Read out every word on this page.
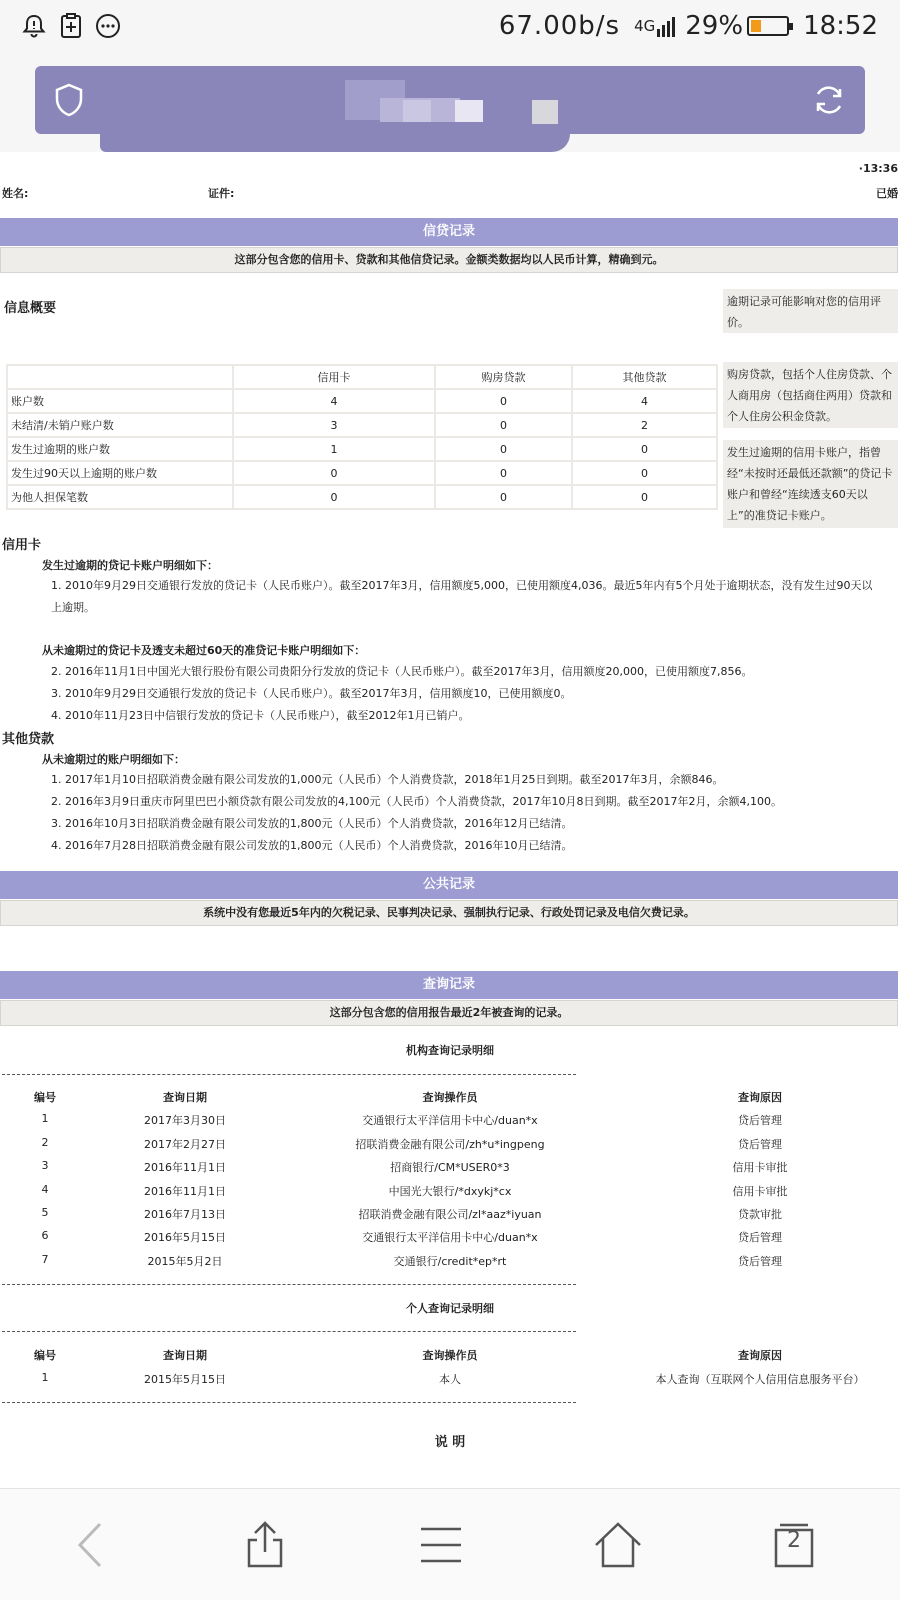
67.00b/s 4G 29% 18:52
·13:36
姓名:	证件:	已婚
信贷记录
这部分包含您的信用卡、贷款和其他信贷记录。金额类数据均以人民币计算，精确到元。
信息概要	逾期记录可能影响对您的信用评价。
购房贷款，包括个人住房贷款、个人商用房（包括商住两用）贷款和个人住房公积金贷款。
发生过逾期的信用卡账户，指曾经“未按时还最低还款额”的贷记卡账户和曾经“连续透支60天以上”的准贷记卡账户。
	信用卡	购房贷款	其他贷款
账户数	4	0	4
未结清/未销户账户数	3	0	2
发生过逾期的账户数	1	0	0
发生过90天以上逾期的账户数	0	0	0
为他人担保笔数	0	0	0
信用卡
发生过逾期的贷记卡账户明细如下：
1. 2010年9月29日交通银行发放的贷记卡（人民币账户）。截至2017年3月，信用额度5,000，已使用额度4,036。最近5年内有5个月处于逾期状态，没有发生过90天以上逾期。
从未逾期过的贷记卡及透支未超过60天的准贷记卡账户明细如下：
2. 2016年11月1日中国光大银行股份有限公司贵阳分行发放的贷记卡（人民币账户）。截至2017年3月，信用额度20,000，已使用额度7,856。
3. 2010年9月29日交通银行发放的贷记卡（人民币账户）。截至2017年3月，信用额度10，已使用额度0。
4. 2010年11月23日中信银行发放的贷记卡（人民币账户），截至2012年1月已销户。
其他贷款
从未逾期过的账户明细如下：
1. 2017年1月10日招联消费金融有限公司发放的1,000元（人民币）个人消费贷款，2018年1月25日到期。截至2017年3月，余额846。
2. 2016年3月9日重庆市阿里巴巴小额贷款有限公司发放的4,100元（人民币）个人消费贷款，2017年10月8日到期。截至2017年2月，余额4,100。
3. 2016年10月3日招联消费金融有限公司发放的1,800元（人民币）个人消费贷款，2016年12月已结清。
4. 2016年7月28日招联消费金融有限公司发放的1,800元（人民币）个人消费贷款，2016年10月已结清。
公共记录
系统中没有您最近5年内的欠税记录、民事判决记录、强制执行记录、行政处罚记录及电信欠费记录。
查询记录
这部分包含您的信用报告最近2年被查询的记录。
机构查询记录明细
编号	查询日期	查询操作员	查询原因
1	2017年3月30日	交通银行太平洋信用卡中心/duan*x	贷后管理
2	2017年2月27日	招联消费金融有限公司/zh*u*ingpeng	贷后管理
3	2016年11月1日	招商银行/CM*USER0*3	信用卡审批
4	2016年11月1日	中国光大银行/*dxykj*cx	信用卡审批
5	2016年7月13日	招联消费金融有限公司/zl*aaz*iyuan	贷款审批
6	2016年5月15日	交通银行太平洋信用卡中心/duan*x	贷后管理
7	2015年5月2日	交通银行/credit*ep*rt	贷后管理
个人查询记录明细
编号	查询日期	查询操作员	查询原因
1	2015年5月15日	本人	本人查询（互联网个人信用信息服务平台）
说 明
2
